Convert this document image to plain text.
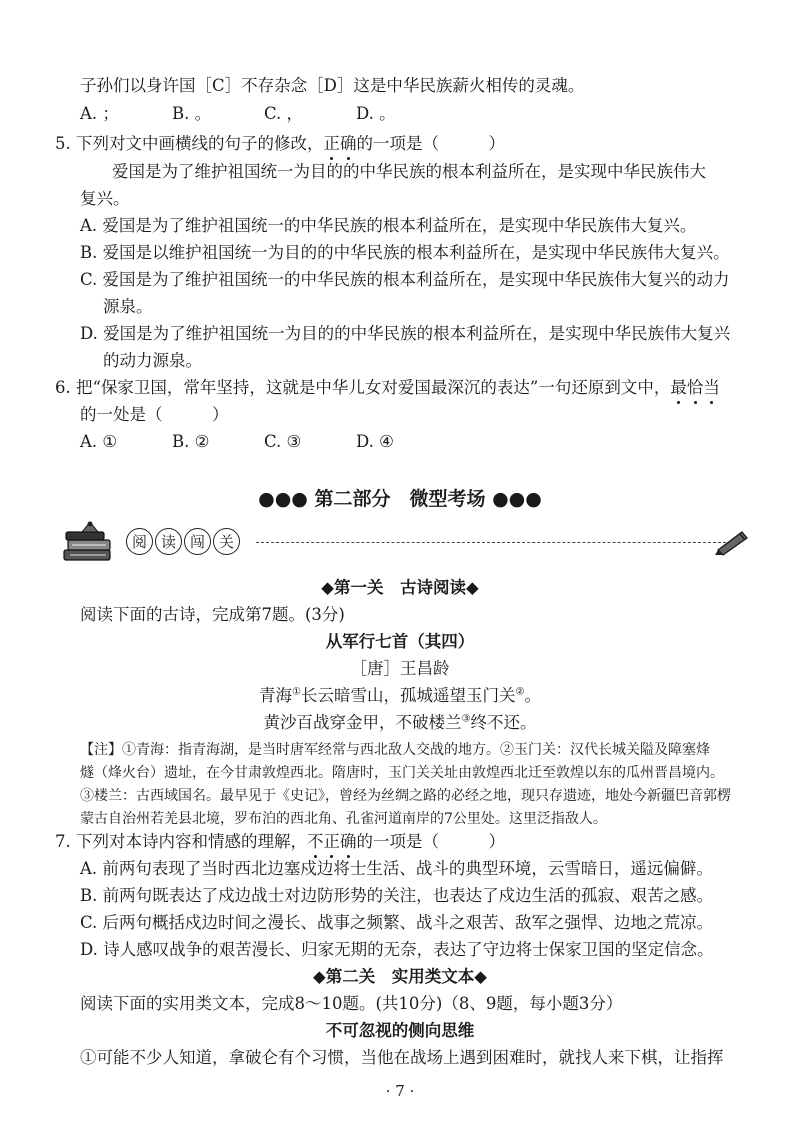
子孙们以身许国［C］不存杂念［D］这是中华民族薪火相传的灵魂。
A. ；	B. 。	C. ，	D. 。
5. 下列对文中画横线的句子的修改，正确的一项是（　　　）
爱国是为了维护祖国统一为目的的中华民族的根本利益所在，是实现中华民族伟大
复兴。
A. 爱国是为了维护祖国统一的中华民族的根本利益所在，是实现中华民族伟大复兴。
B. 爱国是以维护祖国统一为目的的中华民族的根本利益所在，是实现中华民族伟大复兴。
C. 爱国是为了维护祖国统一的中华民族的根本利益所在，是实现中华民族伟大复兴的动力
源泉。
D. 爱国是为了维护祖国统一为目的的中华民族的根本利益所在，是实现中华民族伟大复兴
的动力源泉。
6. 把“保家卫国，常年坚持，这就是中华儿女对爱国最深沉的表达”一句还原到文中，最恰当
的一处是（　　　）
A. ①	B. ②	C. ③	D. ④
●●● 第二部分　微型考场 ●●●
阅 读 闯 关
◆第一关　古诗阅读◆
阅读下面的古诗，完成第7题。(3分)
从军行七首（其四）
［唐］王昌龄
青海①长云暗雪山，孤城遥望玉门关②。
黄沙百战穿金甲，不破楼兰③终不还。
【注】①青海：指青海湖，是当时唐军经常与西北敌人交战的地方。②玉门关：汉代长城关隘及障塞烽
燧（烽火台）遗址，在今甘肃敦煌西北。隋唐时，玉门关关址由敦煌西北迁至敦煌以东的瓜州晋昌境内。
③楼兰：古西域国名。最早见于《史记》，曾经为丝绸之路的必经之地，现只存遗迹，地处今新疆巴音郭楞
蒙古自治州若羌县北境，罗布泊的西北角、孔雀河道南岸的7公里处。这里泛指敌人。
7. 下列对本诗内容和情感的理解，不正确的一项是（　　　）
A. 前两句表现了当时西北边塞戍边将士生活、战斗的典型环境，云雪暗日，遥远偏僻。
B. 前两句既表达了戍边战士对边防形势的关注，也表达了戍边生活的孤寂、艰苦之感。
C. 后两句概括戍边时间之漫长、战事之频繁、战斗之艰苦、敌军之强悍、边地之荒凉。
D. 诗人感叹战争的艰苦漫长、归家无期的无奈，表达了守边将士保家卫国的坚定信念。
◆第二关　实用类文本◆
阅读下面的实用类文本，完成8～10题。(共10分)（8、9题，每小题3分）
不可忽视的侧向思维
①可能不少人知道，拿破仑有个习惯，当他在战场上遇到困难时，就找人来下棋，让指挥
· 7 ·
